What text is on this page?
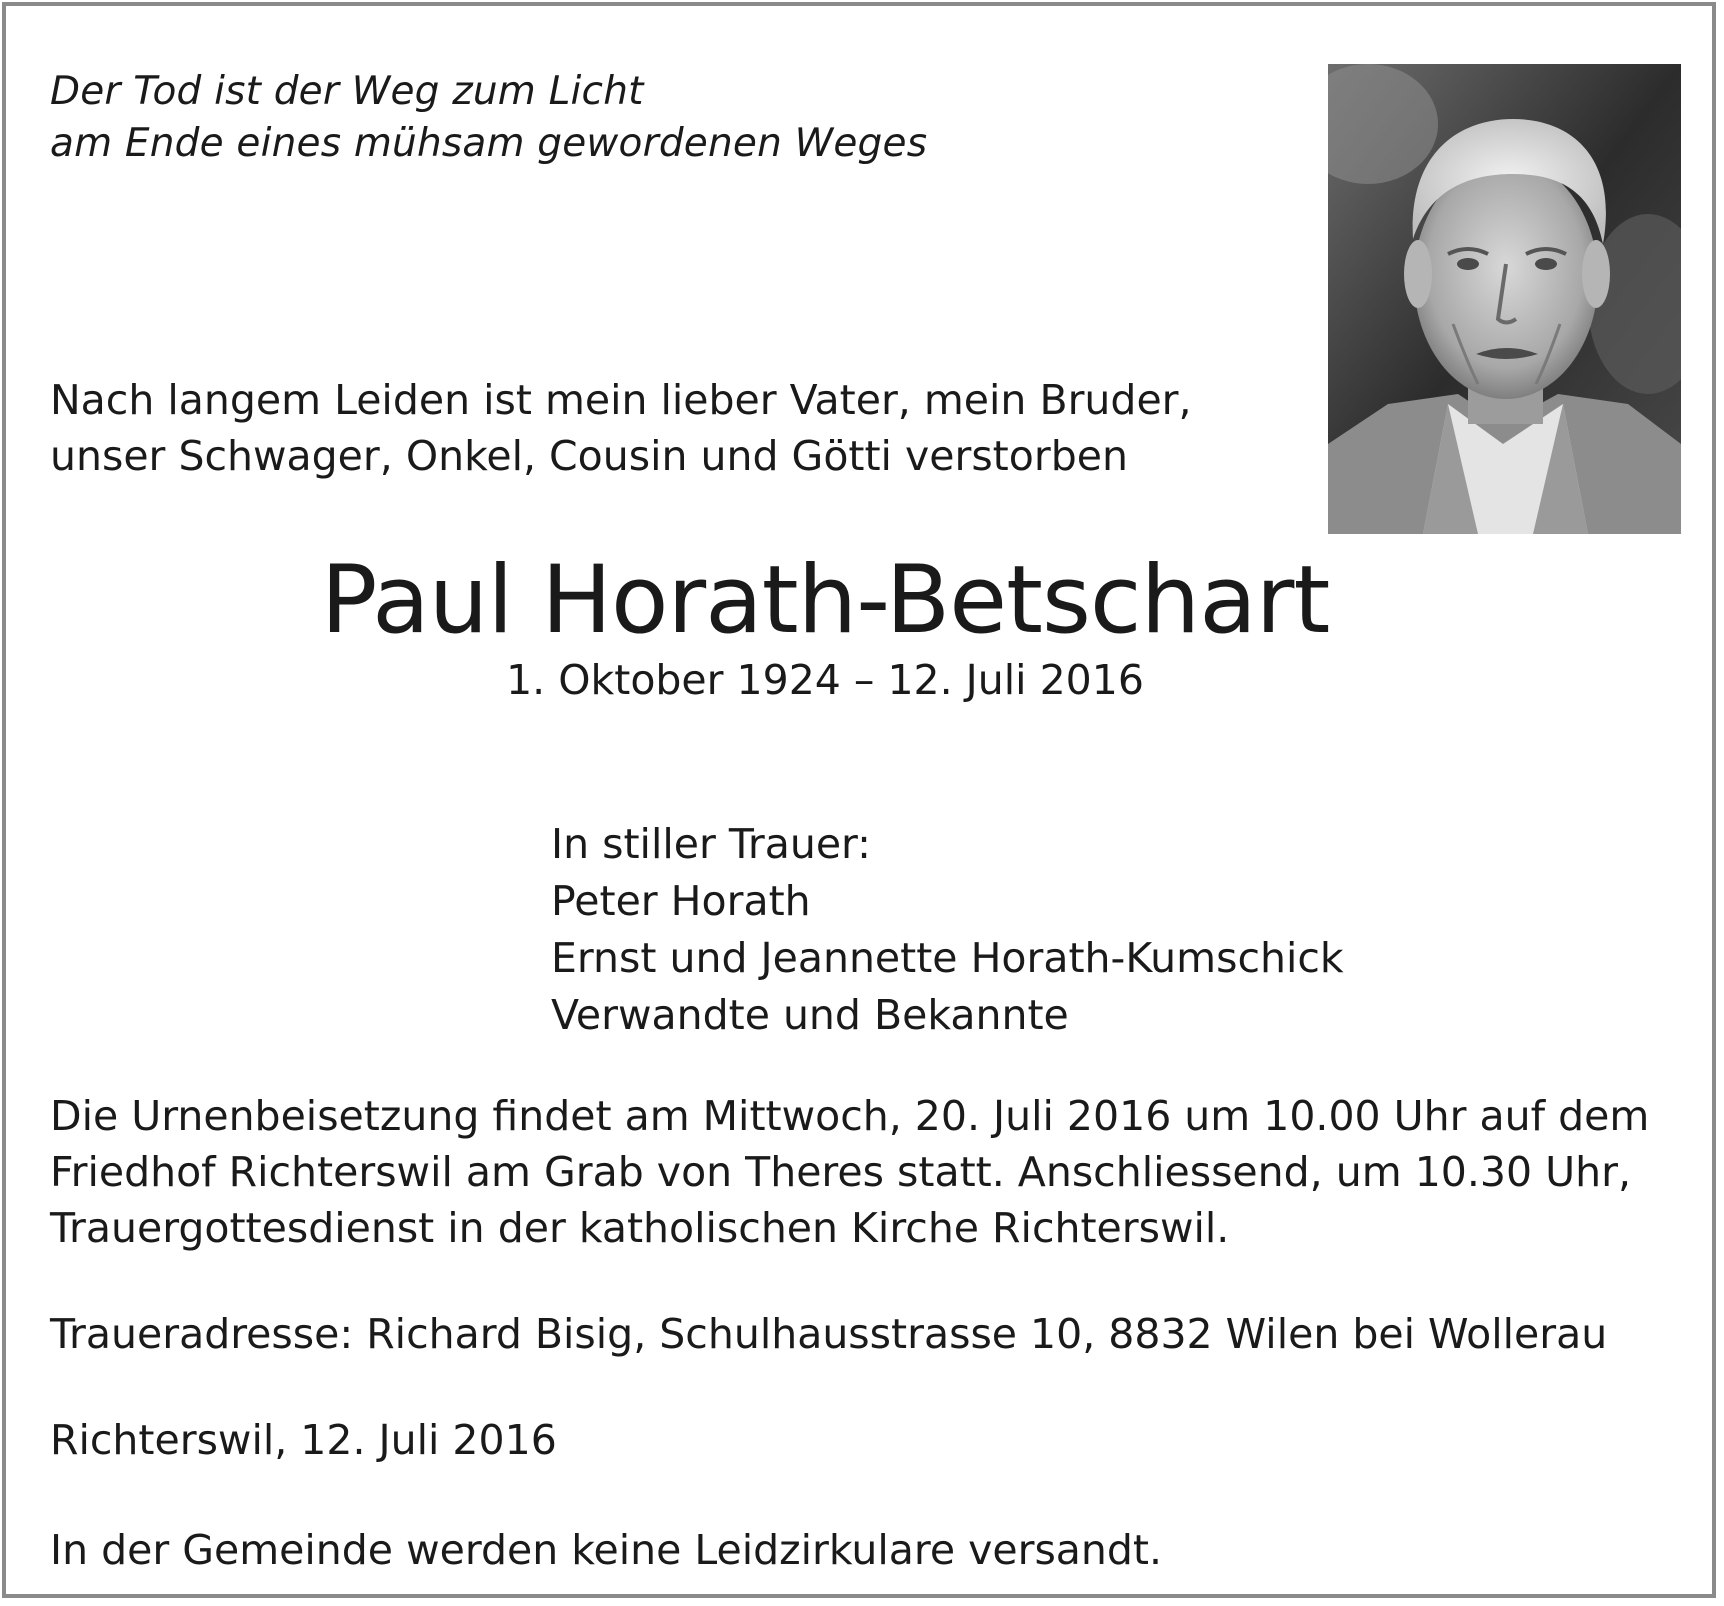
Der Tod ist der Weg zum Licht
am Ende eines mühsam gewordenen Weges
Nach langem Leiden ist mein lieber Vater, mein Bruder,
unser Schwager, Onkel, Cousin und Götti verstorben
Paul Horath-Betschart
1. Oktober 1924 – 12. Juli 2016
In stiller Trauer:
Peter Horath
Ernst und Jeannette Horath-Kumschick
Verwandte und Bekannte
Die Urnenbeisetzung findet am Mittwoch, 20. Juli 2016 um 10.00 Uhr auf dem
Friedhof Richterswil am Grab von Theres statt. Anschliessend, um 10.30 Uhr,
Trauergottesdienst in der katholischen Kirche Richterswil.
Traueradresse: Richard Bisig, Schulhausstrasse 10, 8832 Wilen bei Wollerau
Richterswil, 12. Juli 2016
In der Gemeinde werden keine Leidzirkulare versandt.
